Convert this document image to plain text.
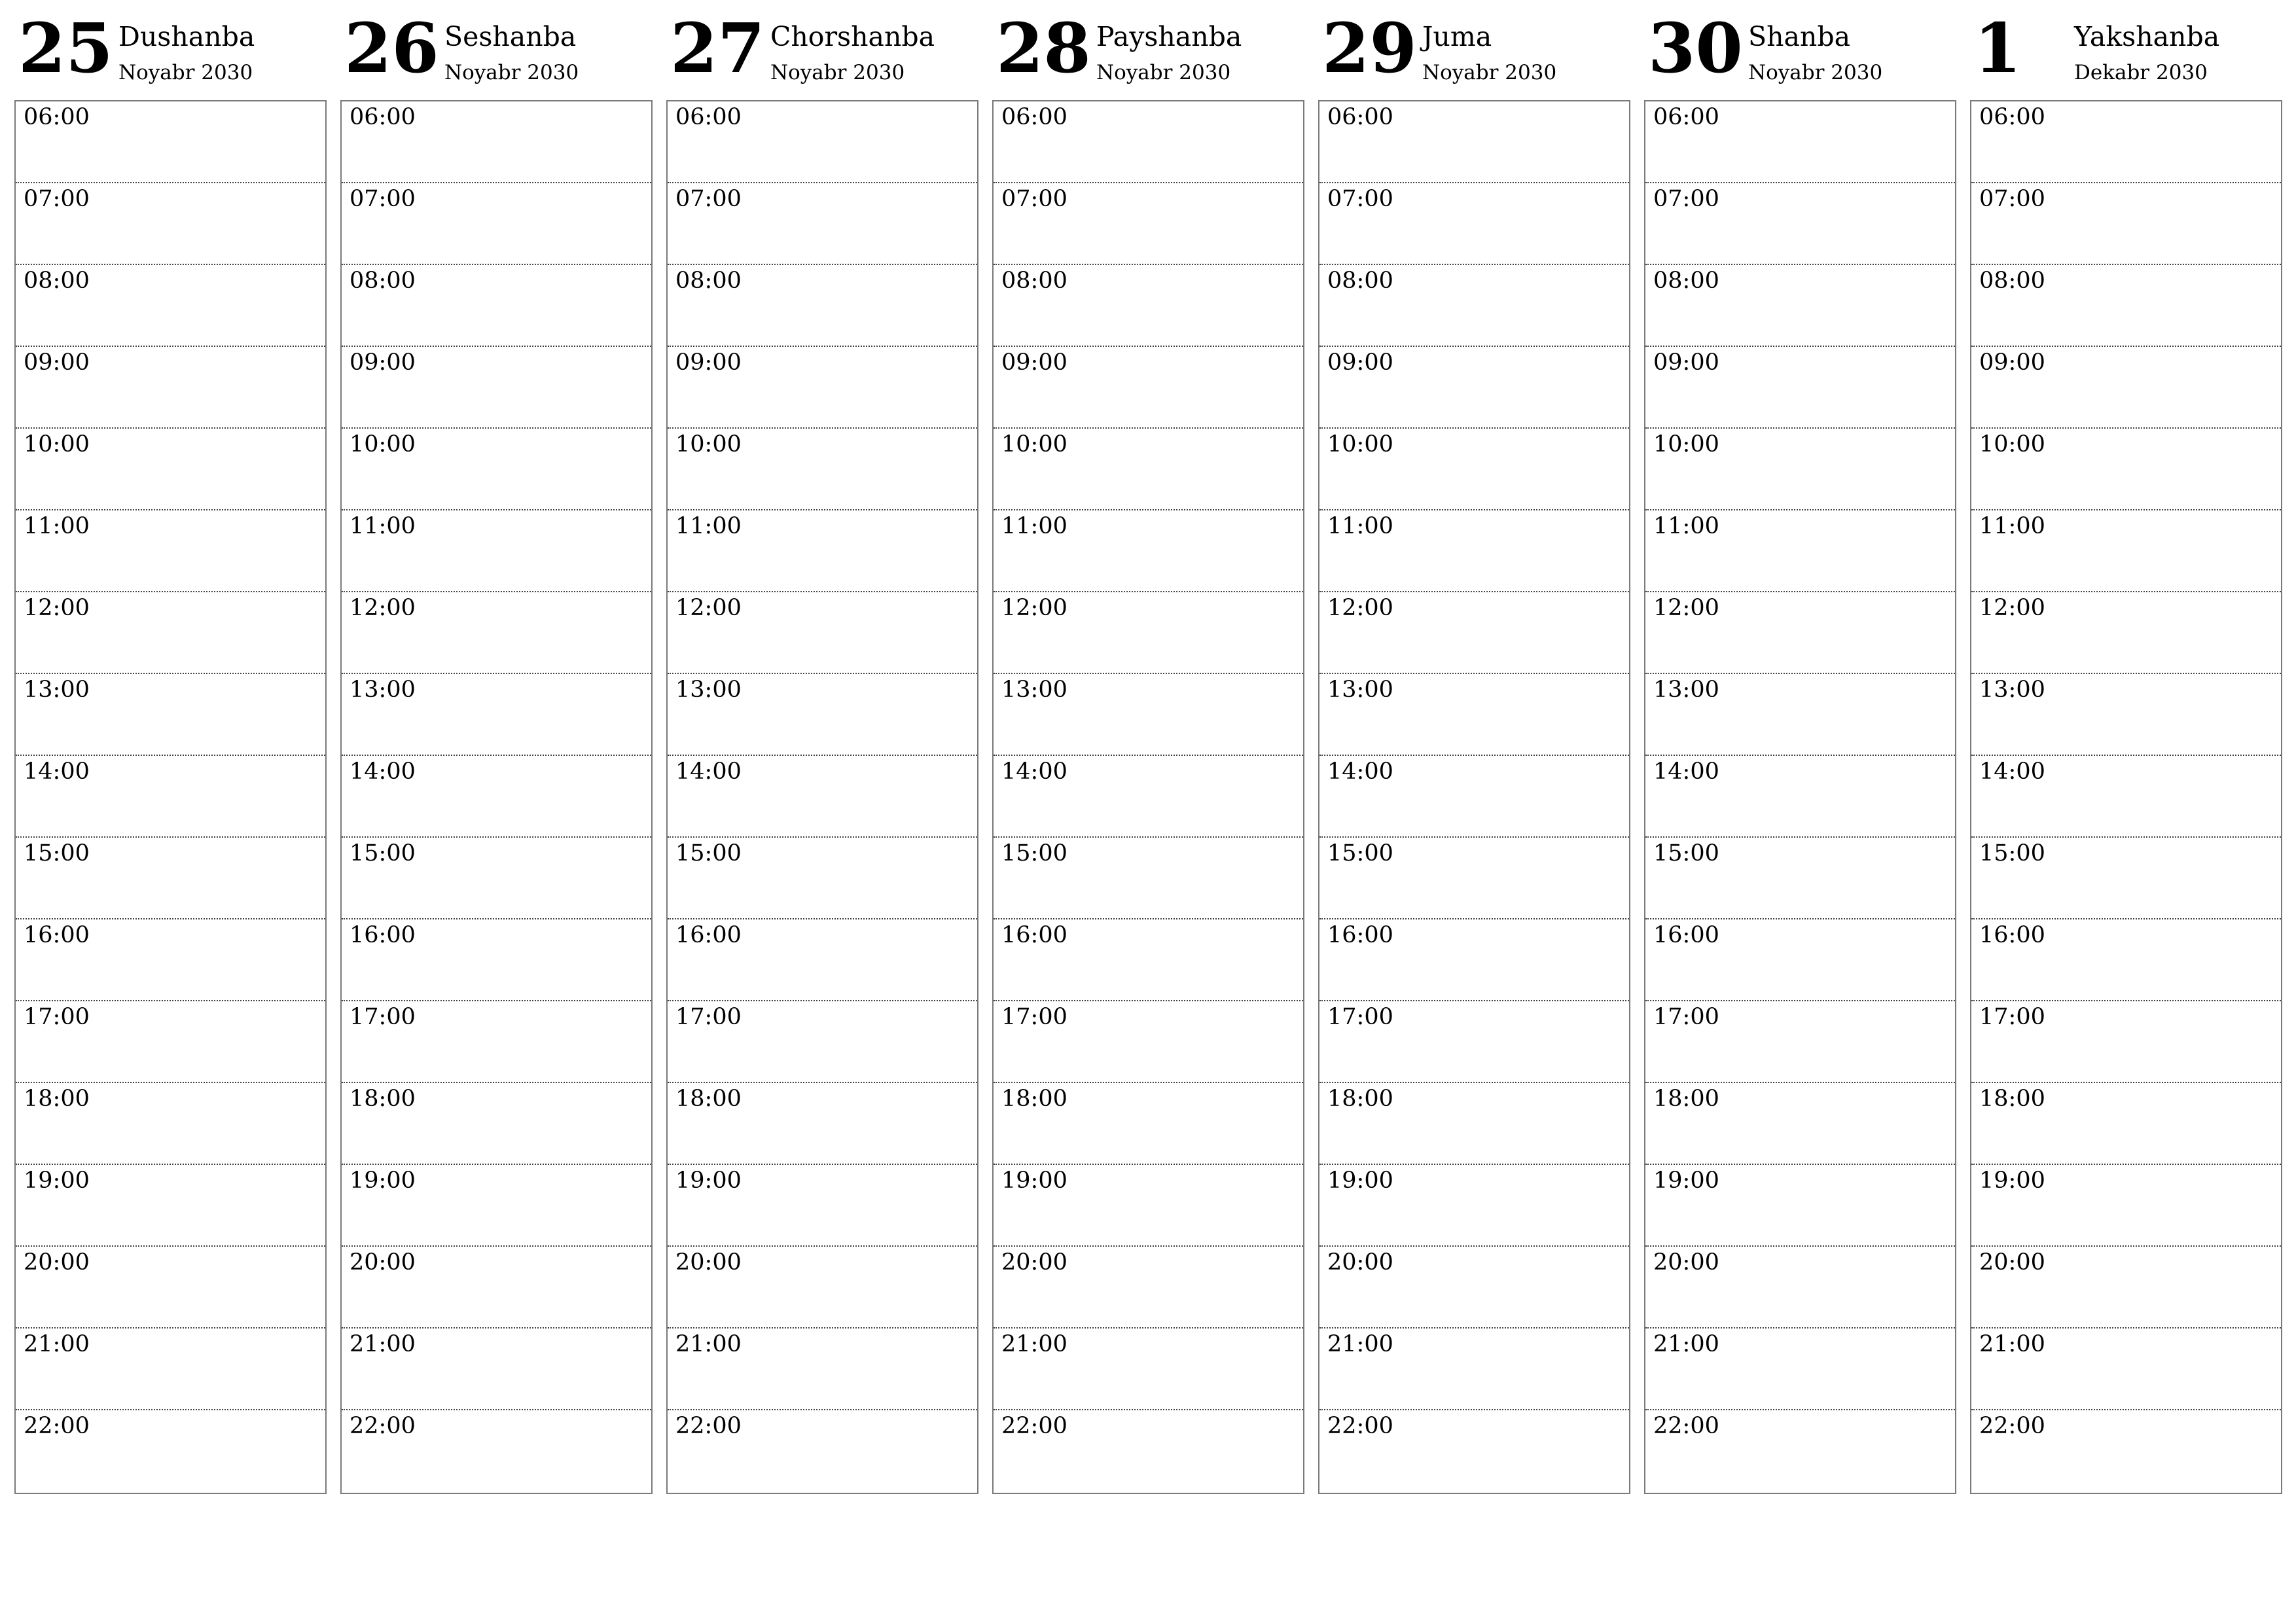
25 Dushanba
Noyabr 2030
06:00
07:00
08:00
09:00
10:00
11:00
12:00
13:00
14:00
15:00
16:00
17:00
18:00
19:00
20:00
21:00
22:00
26 Seshanba
Noyabr 2030
06:00
07:00
08:00
09:00
10:00
11:00
12:00
13:00
14:00
15:00
16:00
17:00
18:00
19:00
20:00
21:00
22:00
27 Chorshanba
Noyabr 2030
06:00
07:00
08:00
09:00
10:00
11:00
12:00
13:00
14:00
15:00
16:00
17:00
18:00
19:00
20:00
21:00
22:00
28 Payshanba
Noyabr 2030
06:00
07:00
08:00
09:00
10:00
11:00
12:00
13:00
14:00
15:00
16:00
17:00
18:00
19:00
20:00
21:00
22:00
29 Juma
Noyabr 2030
06:00
07:00
08:00
09:00
10:00
11:00
12:00
13:00
14:00
15:00
16:00
17:00
18:00
19:00
20:00
21:00
22:00
30 Shanba
Noyabr 2030
06:00
07:00
08:00
09:00
10:00
11:00
12:00
13:00
14:00
15:00
16:00
17:00
18:00
19:00
20:00
21:00
22:00
1 Yakshanba
Dekabr 2030
06:00
07:00
08:00
09:00
10:00
11:00
12:00
13:00
14:00
15:00
16:00
17:00
18:00
19:00
20:00
21:00
22:00
